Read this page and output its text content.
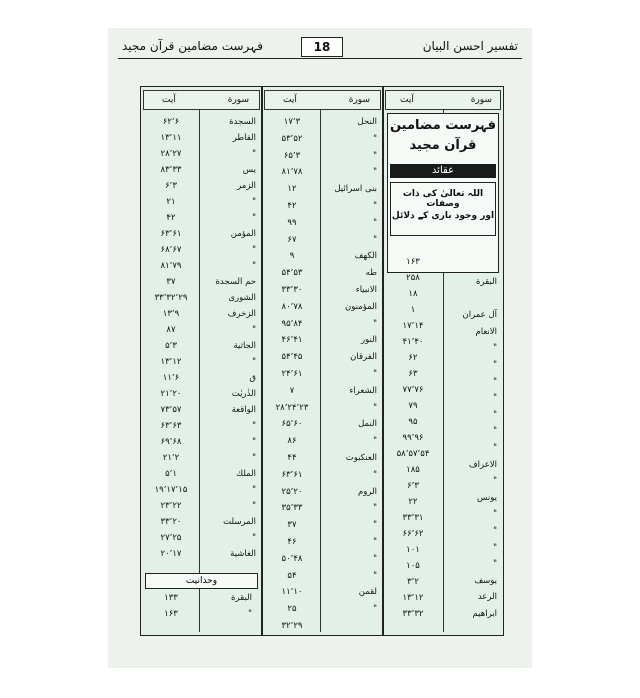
فہرست مضامین قرآن مجید	18	تفسیر احسن البیان
سورة
آیت
فہرست مضامین
قرآن مجید
عقائد
اللہ تعالیٰ کی ذات وصفات
اور وجود باری کے دلائل
البقرة
آل عمران
الانعام
"
"
"
"
"
"
"
الاعراف
"
یونس
"
"
"
"
یوسف
الرعد
ابراهيم
۱۶۳
۲۵۸
۱۸
۱
۱۷٬۱۴
۴۱٬۴۰
۶۲
۶۳
۷۷٬۷۶
۷۹
۹۵
۹۹٬۹۶
۵۸٬۵۷٬۵۴
۱۸۵
۶٬۳
۲۲
۳۳٬۳۱
۶۶٬۶۲
۱۰۱
۱۰۵
۳٬۲
۱۳٬۱۲
۳۳٬۳۲
سورة
آیت
النحل
"
"
"
بنی اسرائیل
"
"
"
الكهف
طه
الانبياء
المؤمنون
"
النور
الفرقان
"
الشعراء
"
النمل
"
العنكبوت
"
الروم
"
"
"
"
"
لقمن
"
۱۷٬۳
۵۳٬۵۲
۶۵٬۳
۸۱٬۷۸
۱۲
۴۲
۹۹
۶۷
۹
۵۴٬۵۳
۳۳٬۳۰
۸۰٬۷۸
۹۵٬۸۴
۴۶٬۴۱
۵۴٬۴۵
۲۴٬۶۱
۷
۲۸٬۲۴٬۲۳
۶۵٬۶۰
۸۶
۴۴
۶۳٬۶۱
۲۵٬۲۰
۳۵٬۳۳
۳۷
۴۶
۵۰٬۴۸
۵۴
۱۱٬۱۰
۲۵
۳۲٬۲۹
سورة
آیت
وحدانیت
السجدة
الفاطر
"
يس
الزمر
"
"
المؤمن
"
"
حم السجدة
الشورى
الزخرف
"
الجاثية
"
ق
الذٰريٰت
الواقعة
"
"
"
الملك
"
"
المرسلت
"
الغاشية
۶۲٬۶
۱۳٬۱۱
۲۸٬۲۷
۸۳٬۳۳
۶٬۳
۲۱
۴۲
۶۳٬۶۱
۶۸٬۶۷
۸۱٬۷۹
۳۷
۳۳٬۳۲٬۲۹
۱۳٬۹
۸۷
۵٬۳
۱۳٬۱۲
۱۱٬۶
۲۱٬۲۰
۷۳٬۵۷
۶۳٬۶۳
۶۹٬۶۸
۲۱٬۲
۵٬۱
۱۹٬۱۷٬۱۵
۲۳٬۲۲
۳۳٬۲۰
۲۷٬۲۵
۲۰٬۱۷
البقرة
۱۳۳
"
۱۶۳
